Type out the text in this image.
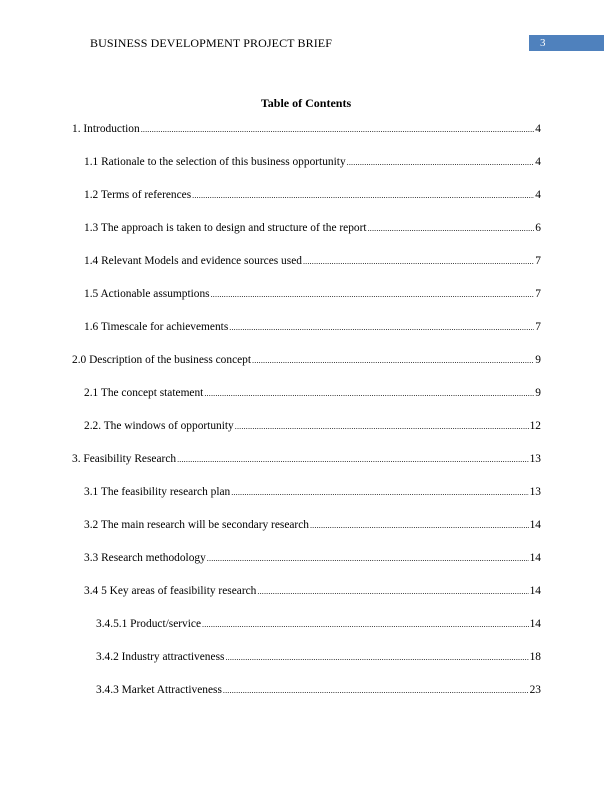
BUSINESS DEVELOPMENT PROJECT BRIEF	3
Table of Contents
1. Introduction .....	4
1.1 Rationale to the selection of this business opportunity .....	4
1.2 Terms of references .....	4
1.3 The approach is taken to design and structure of the report .....	6
1.4 Relevant Models and evidence sources used .....	7
1.5 Actionable assumptions .....	7
1.6 Timescale for achievements .....	7
2.0 Description of the business concept .....	9
2.1 The concept statement .....	9
2.2. The windows of opportunity .....	12
3. Feasibility Research .....	13
3.1 The feasibility research plan .....	13
3.2 The main research will be secondary research .....	14
3.3 Research methodology .....	14
3.4 5 Key areas of feasibility research .....	14
3.4.5.1 Product/service .....	14
3.4.2 Industry attractiveness .....	18
3.4.3 Market Attractiveness .....	23
